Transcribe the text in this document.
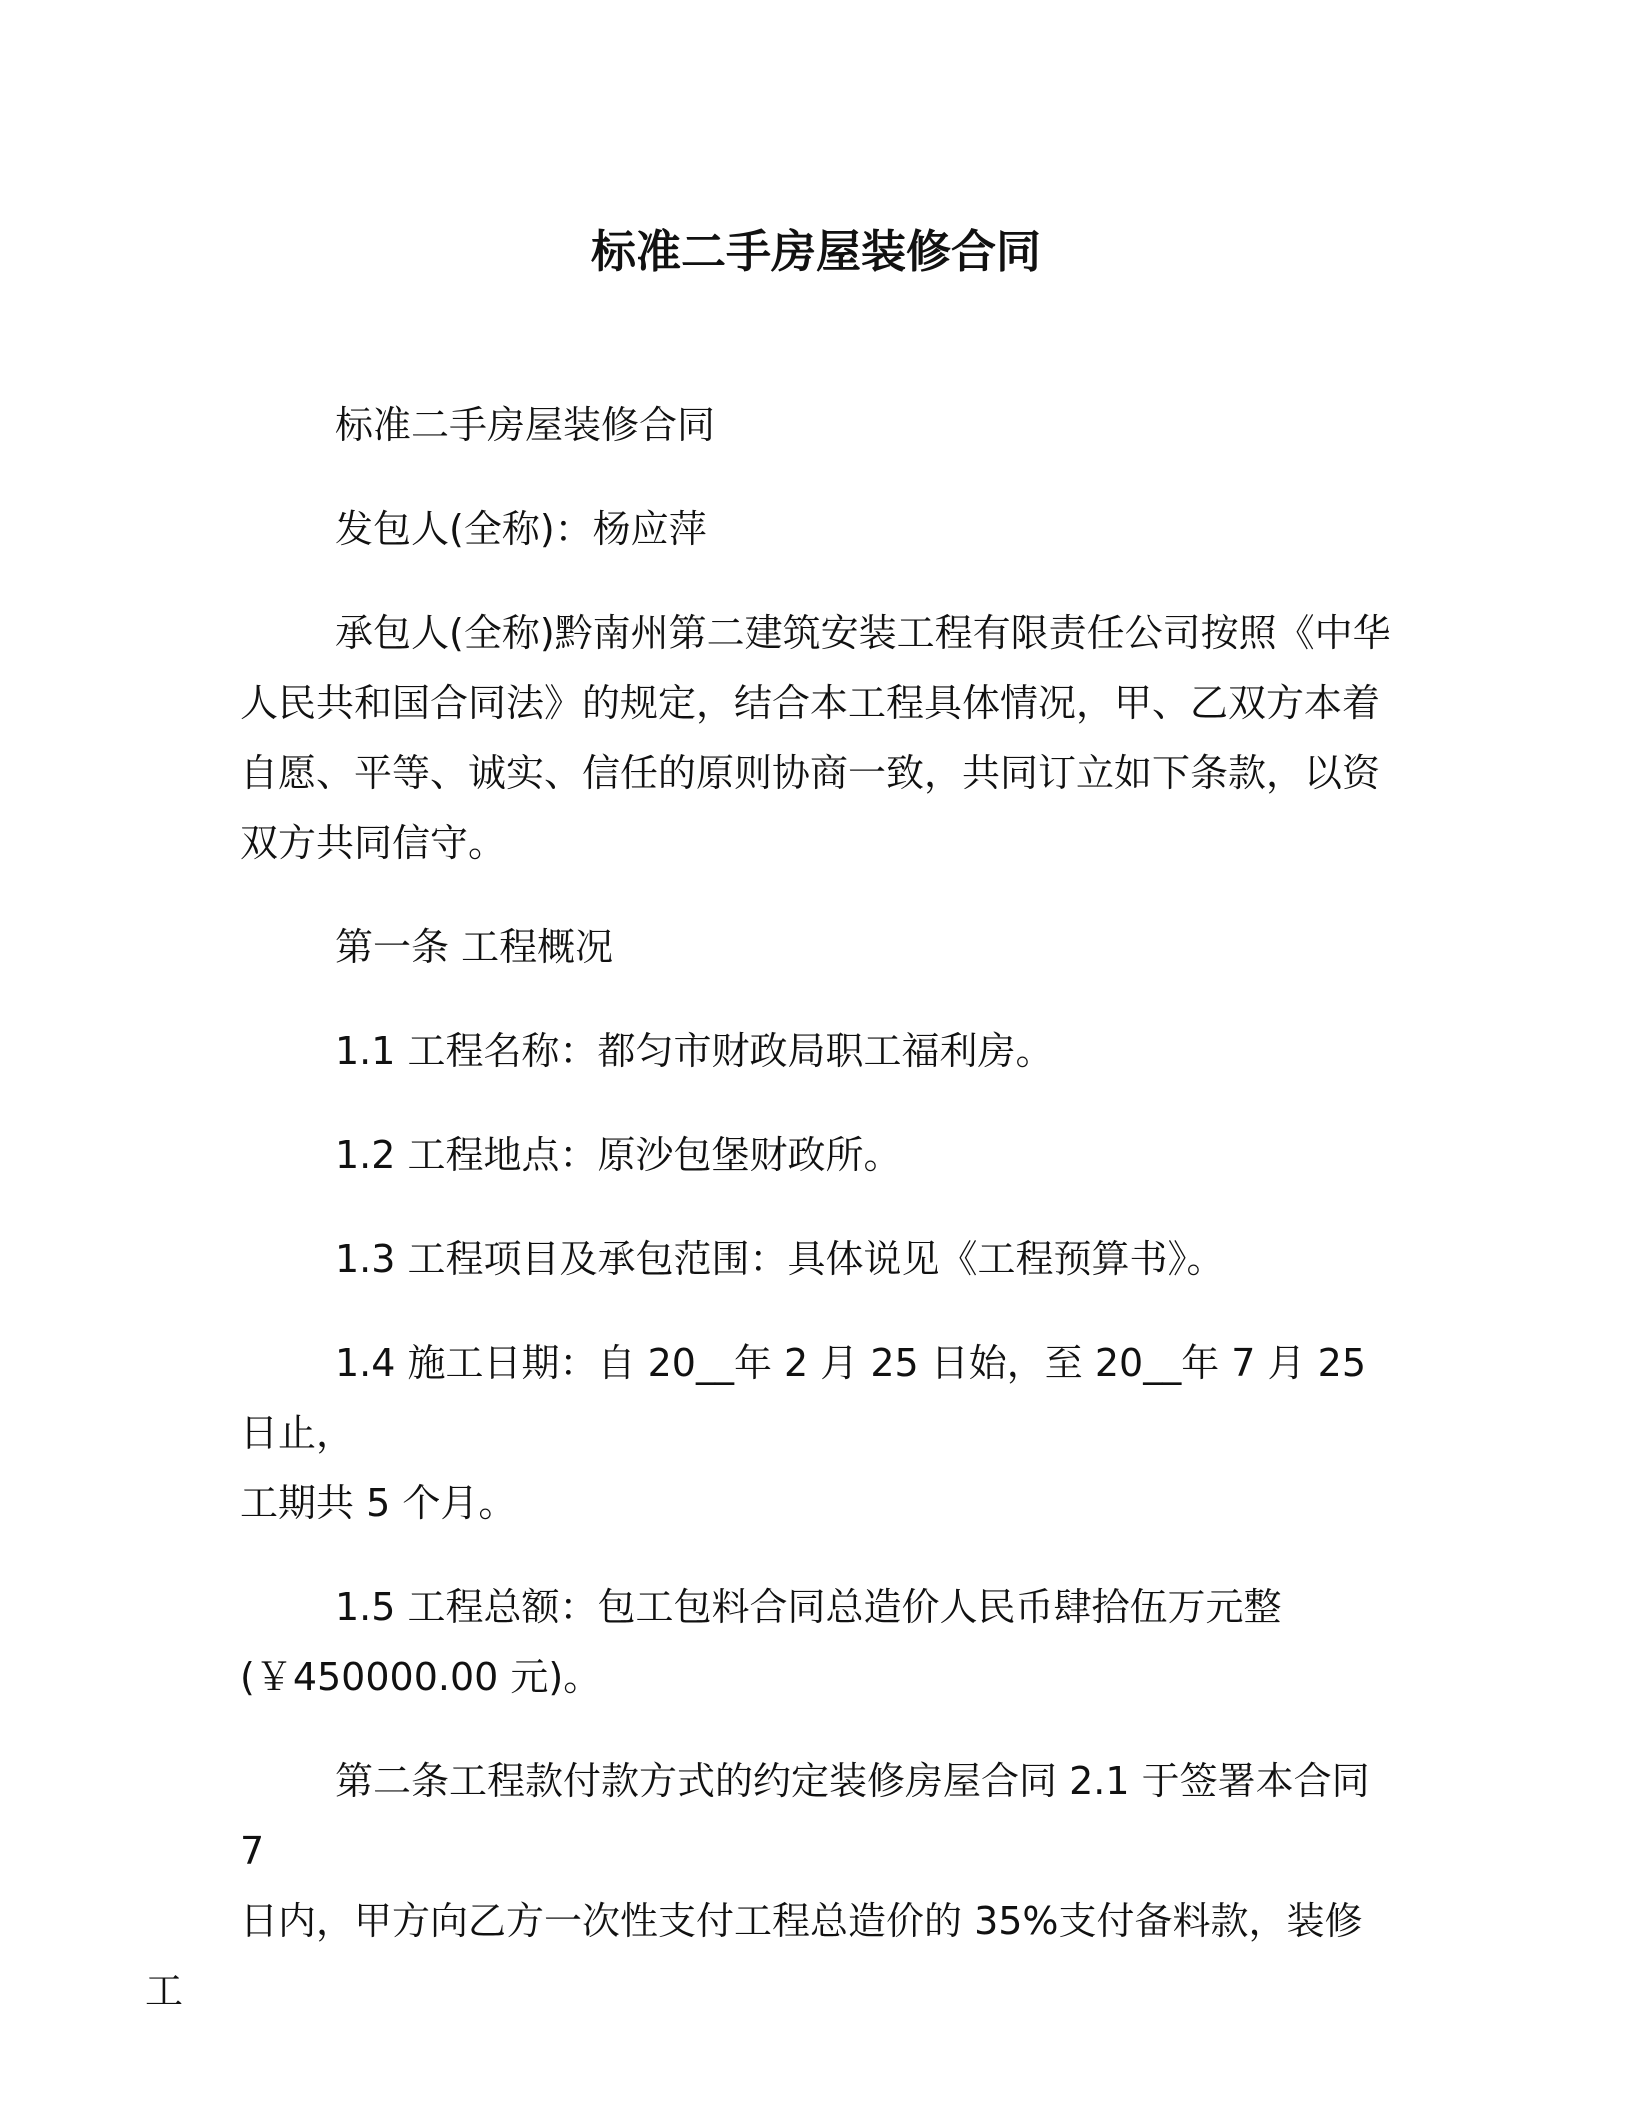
标准二手房屋装修合同

标准二手房屋装修合同

发包人(全称)：杨应萍

承包人(全称)黔南州第二建筑安装工程有限责任公司按照《中华
人民共和国合同法》的规定，结合本工程具体情况，甲、乙双方本着
自愿、平等、诚实、信任的原则协商一致，共同订立如下条款，以资
双方共同信守。

第一条 工程概况

1.1 工程名称：都匀市财政局职工福利房。

1.2 工程地点：原沙包堡财政所。

1.3 工程项目及承包范围：具体说见《工程预算书》。

1.4 施工日期：自 20__年 2 月 25 日始，至 20__年 7 月 25 日止，
工期共 5 个月。

1.5 工程总额：包工包料合同总造价人民币肆拾伍万元整
(￥450000.00 元)。

第二条工程款付款方式的约定装修房屋合同 2.1 于签署本合同 7
日内，甲方向乙方一次性支付工程总造价的 35%支付备料款，装修工
